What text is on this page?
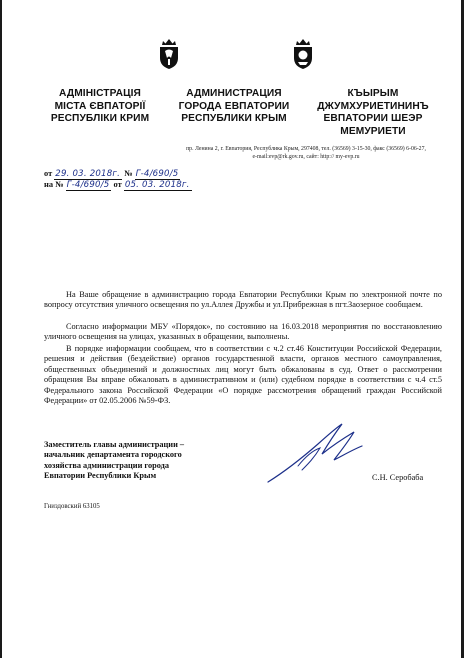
АДМІНІСТРАЦІЯ
МІСТА ЄВПАТОРІЇ
РЕСПУБЛІКИ КРИМ
АДМИНИСТРАЦИЯ
ГОРОДА ЕВПАТОРИИ
РЕСПУБЛИКИ КРЫМ
КЪЫРЫМ
ДЖУМХУРИЕТИНИНЪ
ЕВПАТОРИИ ШЕЭР
МЕМУРИЕТИ
пр. Ленина 2, г. Евпатория, Республика Крым, 297408, тел. (36569) 3-15-30, факс (36569) 6-06-27,
e-mail:evp@rk.gov.ru, сайт: http:// my-evp.ru
от 29. 03. 2018г. № Г-4/690/5
на № Г-4/690/5 от 05. 03. 2018г.

На Ваше обращение в администрацию города Евпатории Республики Крым по электронной почте по вопросу отсутствия уличного освещения по ул.Аллея Дружбы и ул.Прибрежная в пгт.Заозерное сообщаем.

Согласно информации МБУ «Порядок», по состоянию на 16.03.2018 мероприятия по восстановлению уличного освещения на улицах, указанных в обращении, выполнены.

В порядке информации сообщаем, что в соответствии с ч.2 ст.46 Конституции Российской Федерации, решения и действия (бездействие) органов государственной власти, органов местного самоуправления, общественных объединений и должностных лиц могут быть обжалованы в суд. Ответ о рассмотрении обращения Вы вправе обжаловать в административном и (или) судебном порядке в соответствии с ч.4 ст.5 Федерального закона Российской Федерации «О порядке рассмотрения обращений граждан Российской Федерации» от 02.05.2006 №59-ФЗ.

Заместитель главы администрации –
начальник департамента городского
хозяйства администрации города
Евпатории Республики Крым	С.Н. Серобаба
Гниздовский 63105
